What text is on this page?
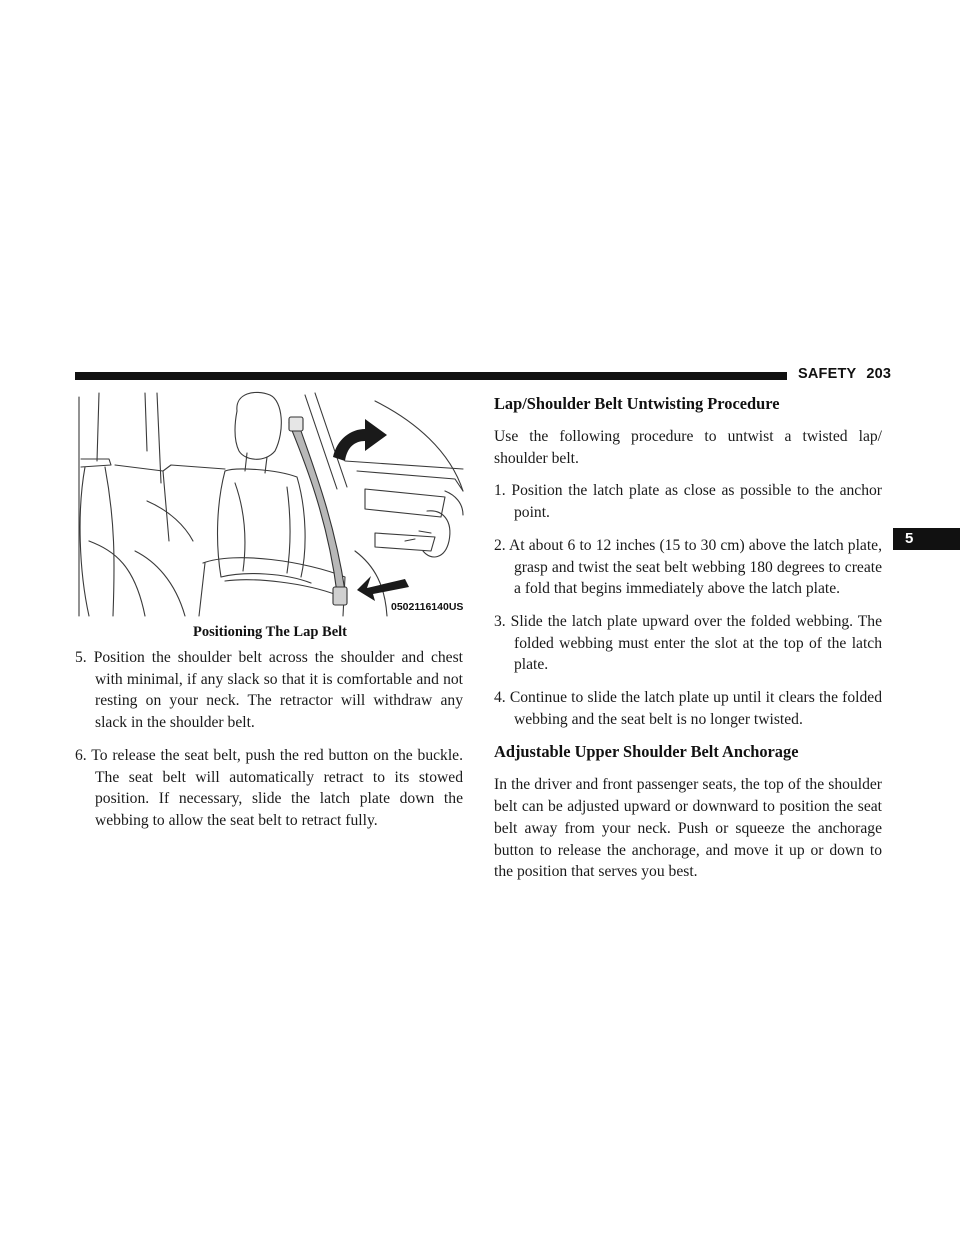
SAFETY 203
5
0502116140US
Positioning The Lap Belt

5. Position the shoulder belt across the shoulder and chest with minimal, if any slack so that it is comfortable and not resting on your neck. The retractor will withdraw any slack in the shoulder belt.

6. To release the seat belt, push the red button on the buckle. The seat belt will automatically retract to its stowed position. If necessary, slide the latch plate down the webbing to allow the seat belt to retract fully.

Lap/Shoulder Belt Untwisting Procedure

Use the following procedure to untwist a twisted lap/ shoulder belt.

1. Position the latch plate as close as possible to the anchor point.

2. At about 6 to 12 inches (15 to 30 cm) above the latch plate, grasp and twist the seat belt webbing 180 degrees to create a fold that begins immediately above the latch plate.

3. Slide the latch plate upward over the folded webbing. The folded webbing must enter the slot at the top of the latch plate.

4. Continue to slide the latch plate up until it clears the folded webbing and the seat belt is no longer twisted.

Adjustable Upper Shoulder Belt Anchorage

In the driver and front passenger seats, the top of the shoulder belt can be adjusted upward or downward to position the seat belt away from your neck. Push or squeeze the anchorage button to release the anchorage, and move it up or down to the position that serves you best.
